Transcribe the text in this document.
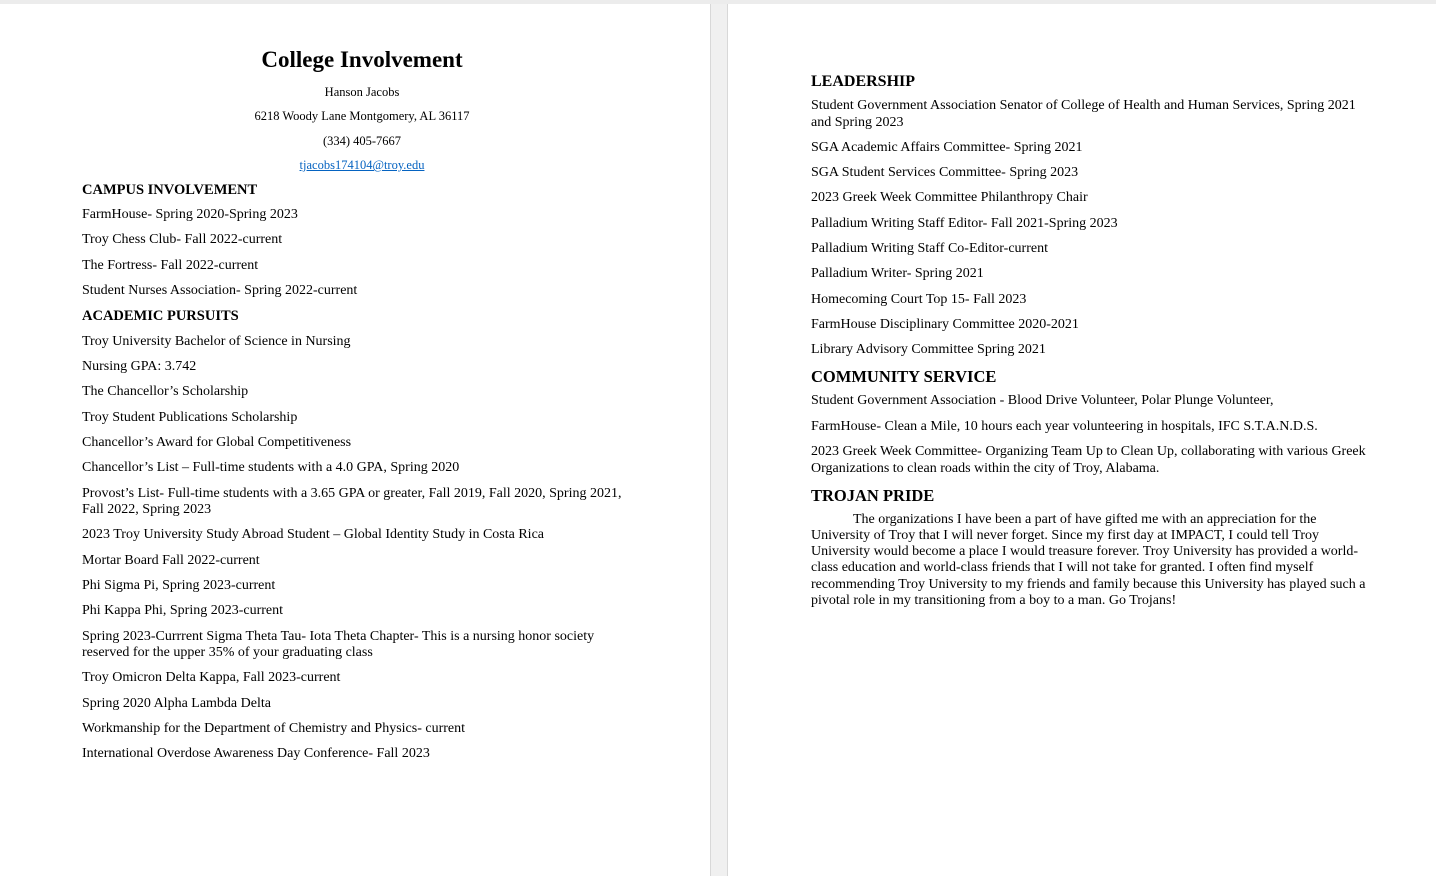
College Involvement
Hanson Jacobs
6218 Woody Lane Montgomery, AL 36117
(334) 405-7667
tjacobs174104@troy.edu
CAMPUS INVOLVEMENT
FarmHouse- Spring 2020-Spring 2023
Troy Chess Club- Fall 2022-current
The Fortress- Fall 2022-current
Student Nurses Association- Spring 2022-current
ACADEMIC PURSUITS
Troy University Bachelor of Science in Nursing
Nursing GPA: 3.742
The Chancellor’s Scholarship
Troy Student Publications Scholarship
Chancellor’s Award for Global Competitiveness
Chancellor’s List – Full-time students with a 4.0 GPA, Spring 2020
Provost’s List- Full-time students with a 3.65 GPA or greater, Fall 2019, Fall 2020, Spring 2021, Fall 2022, Spring 2023
2023 Troy University Study Abroad Student – Global Identity Study in Costa Rica
Mortar Board Fall 2022-current
Phi Sigma Pi, Spring 2023-current
Phi Kappa Phi, Spring 2023-current
Spring 2023-Currrent Sigma Theta Tau- Iota Theta Chapter- This is a nursing honor society reserved for the upper 35% of your graduating class
Troy Omicron Delta Kappa, Fall 2023-current
Spring 2020 Alpha Lambda Delta
Workmanship for the Department of Chemistry and Physics- current
International Overdose Awareness Day Conference- Fall 2023
LEADERSHIP
Student Government Association Senator of College of Health and Human Services, Spring 2021 and Spring 2023
SGA Academic Affairs Committee- Spring 2021
SGA Student Services Committee- Spring 2023
2023 Greek Week Committee Philanthropy Chair
Palladium Writing Staff Editor- Fall 2021-Spring 2023
Palladium Writing Staff Co-Editor-current
Palladium Writer- Spring 2021
Homecoming Court Top 15- Fall 2023
FarmHouse Disciplinary Committee 2020-2021
Library Advisory Committee Spring 2021
COMMUNITY SERVICE
Student Government Association - Blood Drive Volunteer, Polar Plunge Volunteer,
FarmHouse- Clean a Mile, 10 hours each year volunteering in hospitals, IFC S.T.A.N.D.S.
2023 Greek Week Committee- Organizing Team Up to Clean Up, collaborating with various Greek Organizations to clean roads within the city of Troy, Alabama.
TROJAN PRIDE
The organizations I have been a part of have gifted me with an appreciation for the University of Troy that I will never forget. Since my first day at IMPACT, I could tell Troy University would become a place I would treasure forever. Troy University has provided a world-class education and world-class friends that I will not take for granted. I often find myself recommending Troy University to my friends and family because this University has played such a pivotal role in my transitioning from a boy to a man. Go Trojans!
